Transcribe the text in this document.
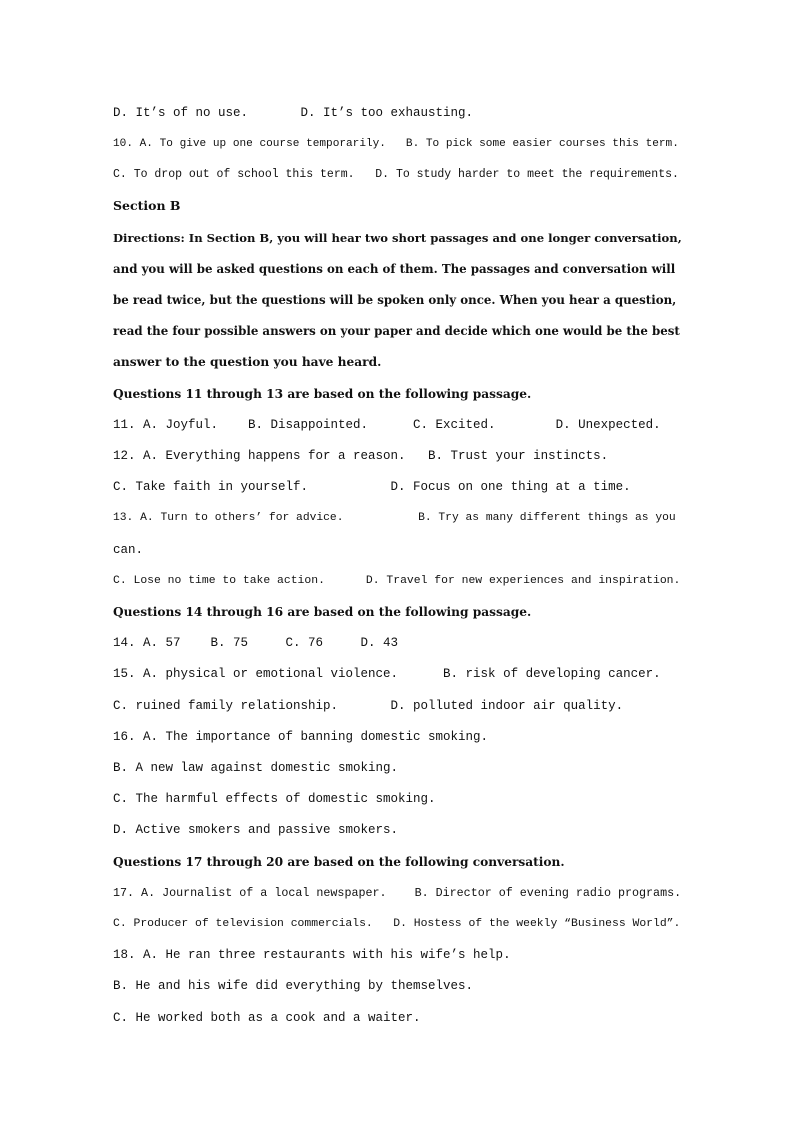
D. It’s of no use.       D. It’s too exhausting.
10. A. To give up one course temporarily.   B. To pick some easier courses this term.
C. To drop out of school this term.   D. To study harder to meet the requirements.
Section B
Directions: In Section B, you will hear two short passages and one longer conversation,
and you will be asked questions on each of them. The passages and conversation will
be read twice, but the questions will be spoken only once. When you hear a question,
read the four possible answers on your paper and decide which one would be the best
answer to the question you have heard.
Questions 11 through 13 are based on the following passage.
11. A. Joyful.    B. Disappointed.      C. Excited.        D. Unexpected.
12. A. Everything happens for a reason.   B. Trust your instincts.
C. Take faith in yourself.           D. Focus on one thing at a time.
13. A. Turn to others’ for advice.           B. Try as many different things as you
can.
C. Lose no time to take action.      D. Travel for new experiences and inspiration.
Questions 14 through 16 are based on the following passage.
14. A. 57    B. 75     C. 76     D. 43
15. A. physical or emotional violence.      B. risk of developing cancer.
C. ruined family relationship.       D. polluted indoor air quality.
16. A. The importance of banning domestic smoking.
B. A new law against domestic smoking.
C. The harmful effects of domestic smoking.
D. Active smokers and passive smokers.
Questions 17 through 20 are based on the following conversation.
17. A. Journalist of a local newspaper.    B. Director of evening radio programs.
C. Producer of television commercials.   D. Hostess of the weekly “Business World”.
18. A. He ran three restaurants with his wife’s help.
B. He and his wife did everything by themselves.
C. He worked both as a cook and a waiter.
